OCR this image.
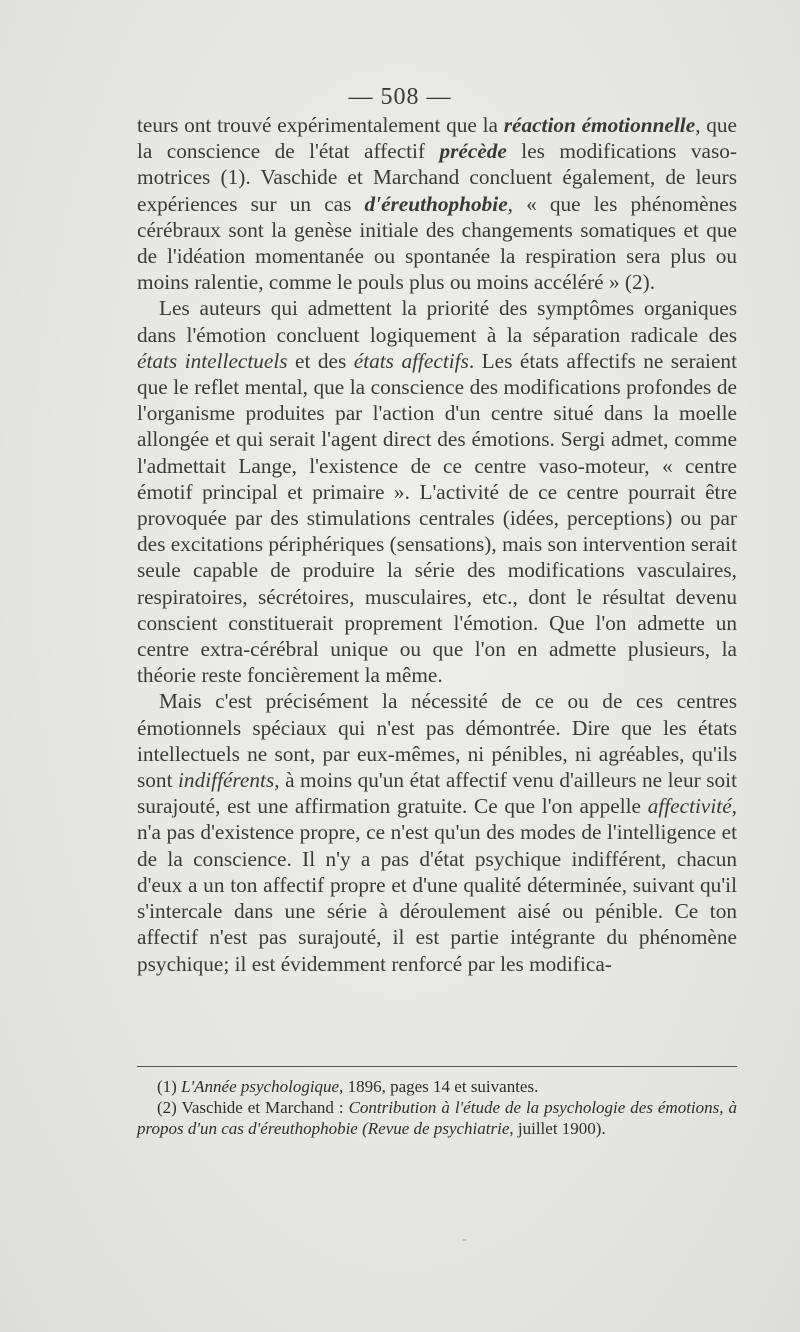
— 508 —

teurs ont trouvé expérimentalement que la réaction émotionnelle, que la conscience de l'état affectif précède les modifications vaso-motrices (1). Vaschide et Marchand concluent également, de leurs expériences sur un cas d'éreuthophobie, « que les phénomènes cérébraux sont la genèse initiale des changements somatiques et que de l'idéation momentanée ou spontanée la respiration sera plus ou moins ralentie, comme le pouls plus ou moins accéléré » (2).

Les auteurs qui admettent la priorité des symptômes organiques dans l'émotion concluent logiquement à la séparation radicale des états intellectuels et des états affectifs. Les états affectifs ne seraient que le reflet mental, que la conscience des modifications profondes de l'organisme produites par l'action d'un centre situé dans la moelle allongée et qui serait l'agent direct des émotions. Sergi admet, comme l'admettait Lange, l'existence de ce centre vaso-moteur, « centre émotif principal et primaire ». L'activité de ce centre pourrait être provoquée par des stimulations centrales (idées, perceptions) ou par des excitations périphériques (sensations), mais son intervention serait seule capable de produire la série des modifications vasculaires, respiratoires, sécrétoires, musculaires, etc., dont le résultat devenu conscient constituerait proprement l'émotion. Que l'on admette un centre extra-cérébral unique ou que l'on en admette plusieurs, la théorie reste foncièrement la même.

Mais c'est précisément la nécessité de ce ou de ces centres émotionnels spéciaux qui n'est pas démontrée. Dire que les états intellectuels ne sont, par eux-mêmes, ni pénibles, ni agréables, qu'ils sont indifférents, à moins qu'un état affectif venu d'ailleurs ne leur soit surajouté, est une affirmation gratuite. Ce que l'on appelle affectivité, n'a pas d'existence propre, ce n'est qu'un des modes de l'intelligence et de la conscience. Il n'y a pas d'état psychique indifférent, chacun d'eux a un ton affectif propre et d'une qualité déterminée, suivant qu'il s'intercale dans une série à déroulement aisé ou pénible. Ce ton affectif n'est pas surajouté, il est partie intégrante du phénomène psychique; il est évidemment renforcé par les modifica-

(1) L'Année psychologique, 1896, pages 14 et suivantes.

(2) Vaschide et Marchand : Contribution à l'étude de la psychologie des émotions, à propos d'un cas d'éreuthophobie (Revue de psychiatrie, juillet 1900).

-
